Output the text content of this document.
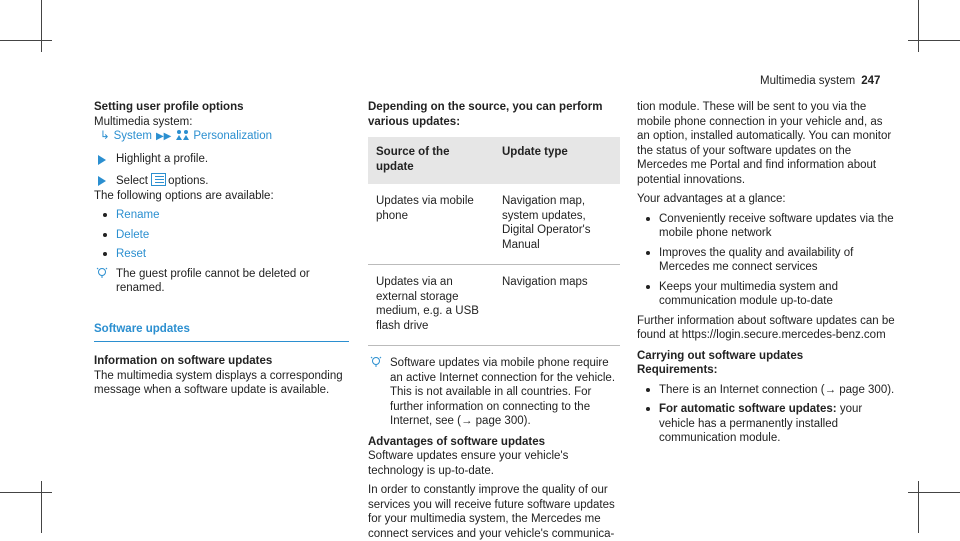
Multimedia system 247

Setting user profile options

Multimedia system:

↳ System ▶▶ Personalization
Highlight a profile.
Select options.

The following options are available:

Rename
Delete
Reset
The guest profile cannot be deleted or renamed.
Software updates

Information on software updates

The multimedia system displays a corresponding message when a software update is available.

Depending on the source, you can perform various updates:

Source of the update	Update type
Updates via mobile phone	Navigation map, system updates, Digital Operator's Manual
Updates via an external storage medium, e.g. a USB flash drive	Navigation maps
Software updates via mobile phone require an active Internet connection for the vehicle. This is not available in all countries. For further information on connecting to the Internet, see (→ page 300).

Advantages of software updates

Software updates ensure your vehicle's technology is up-to-date.

In order to constantly improve the quality of our services you will receive future software updates for your multimedia system, the Mercedes me connect services and your vehicle's communica-

tion module. These will be sent to you via the mobile phone connection in your vehicle and, as an option, installed automatically. You can monitor the status of your software updates on the Mercedes me Portal and find information about potential innovations.

Your advantages at a glance:

Conveniently receive software updates via the mobile phone network
Improves the quality and availability of Mercedes me connect services
Keeps your multimedia system and communication module up-to-date

Further information about software updates can be found at https://login.secure.mercedes-benz.com

Carrying out software updates

Requirements:

There is an Internet connection (→ page 300).
For automatic software updates: your vehicle has a permanently installed communication module.
